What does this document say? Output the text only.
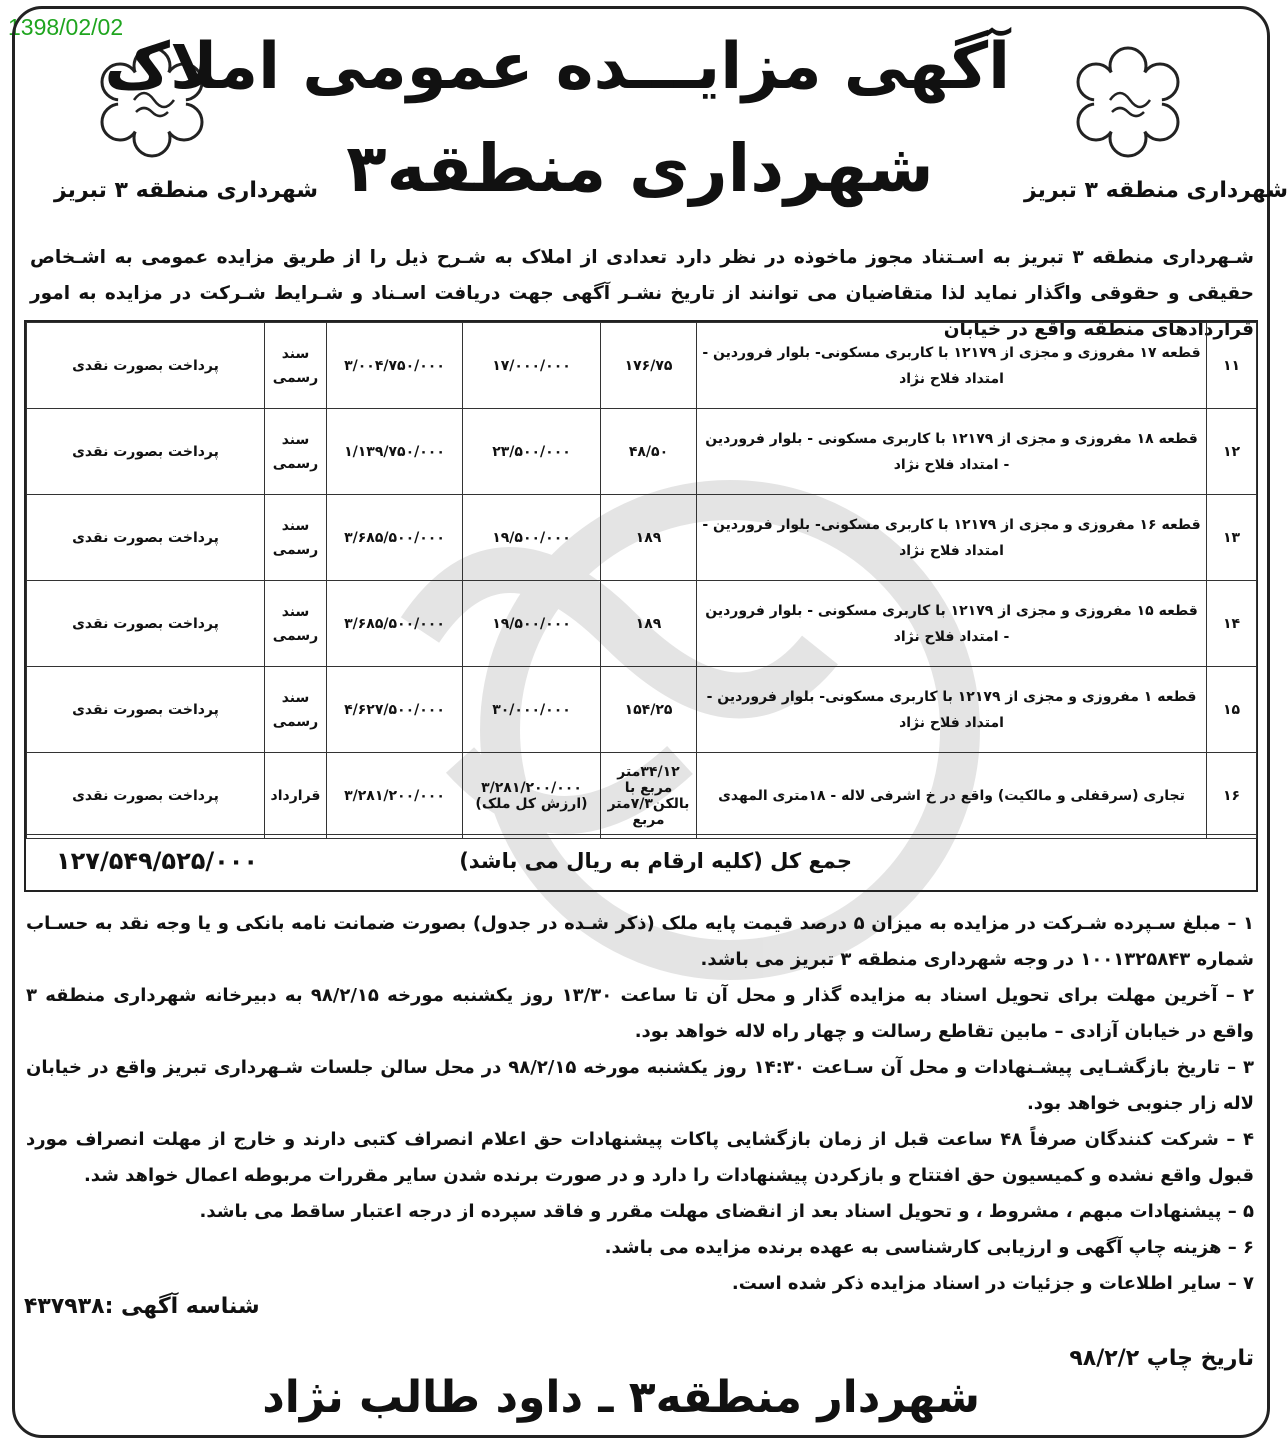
1398/02/02
شهرداری منطقه ۳ تبریز	شهرداری منطقه ۳ تبریز
آگهی مزایـــده عمومی املاک
شهرداری منطقه۳
شـهرداری منطقه ۳ تبریز به اسـتناد مجوز ماخوذه در نظر دارد تعدادی از املاک به شـرح ذیل را از طریق مزایده عمومی به اشـخاص حقیقی و حقوقی واگذار نماید لذا متقاضیان می توانند از تاریخ نشـر آگهی جهت دریافت اسـناد و شـرایط شـرکت در مزایده به امور قراردادهای منطقه واقع در خیابان
۱۱	قطعه ۱۷ مفروزی و مجزی از ۱۲۱۷۹ با کاربری مسکونی- بلوار فروردین - امتداد فلاح نژاد	۱۷۶/۷۵	۱۷/۰۰۰/۰۰۰	۳/۰۰۴/۷۵۰/۰۰۰	سند رسمی	پرداخت بصورت نقدی
۱۲	قطعه ۱۸ مفروزی و مجزی از ۱۲۱۷۹ با کاربری مسکونی - بلوار فروردین - امتداد فلاح نژاد	۴۸/۵۰	۲۳/۵۰۰/۰۰۰	۱/۱۳۹/۷۵۰/۰۰۰	سند رسمی	پرداخت بصورت نقدی
۱۳	قطعه ۱۶ مفروزی و مجزی از ۱۲۱۷۹ با کاربری مسکونی- بلوار فروردین - امتداد فلاح نژاد	۱۸۹	۱۹/۵۰۰/۰۰۰	۳/۶۸۵/۵۰۰/۰۰۰	سند رسمی	پرداخت بصورت نقدی
۱۴	قطعه ۱۵ مفروزی و مجزی از ۱۲۱۷۹ با کاربری مسکونی - بلوار فروردین - امتداد فلاح نژاد	۱۸۹	۱۹/۵۰۰/۰۰۰	۳/۶۸۵/۵۰۰/۰۰۰	سند رسمی	پرداخت بصورت نقدی
۱۵	قطعه ۱ مفروزی و مجزی از ۱۲۱۷۹ با کاربری مسکونی- بلوار فروردین - امتداد فلاح نژاد	۱۵۴/۲۵	۳۰/۰۰۰/۰۰۰	۴/۶۲۷/۵۰۰/۰۰۰	سند رسمی	پرداخت بصورت نقدی
۱۶	تجاری (سرقفلی و مالکیت) واقع در خ اشرفی لاله - ۱۸متری المهدی	۳۴/۱۲متر مربع با بالکن۷/۳متر مربع	۳/۲۸۱/۲۰۰/۰۰۰ (ارزش کل ملک)	۳/۲۸۱/۲۰۰/۰۰۰	قرارداد	پرداخت بصورت نقدی
جمع کل (کلیه ارقام به ریال می باشد)
۱۲۷/۵۴۹/۵۲۵/۰۰۰

۱ – مبلغ سـپرده شـرکت در مزایده به میزان ۵ درصد قیمت پایه ملک (ذکر شـده در جدول) بصورت ضمانت نامه بانکی و یا وجه نقد به حسـاب شماره ۱۰۰۱۳۲۵۸۴۳ در وجه شهرداری منطقه ۳ تبریز می باشد.

۲ – آخرین مهلت برای تحویل اسناد به مزایده گذار و محل آن تا ساعت ۱۳/۳۰ روز یکشنبه مورخه ۹۸/۲/۱۵ به دبیرخانه شهرداری منطقه ۳ واقع در خیابان آزادی – مابین تقاطع رسالت و چهار راه لاله خواهد بود.

۳ – تاریخ بازگشـایی پیشـنهادات و محل آن سـاعت ۱۴:۳۰ روز یکشنبه مورخه ۹۸/۲/۱۵ در محل سالن جلسات شـهرداری تبریز واقع در خیابان لاله زار جنوبی خواهد بود.

۴ – شرکت کنندگان صرفاً ۴۸ ساعت قبل از زمان بازگشایی پاکات پیشنهادات حق اعلام انصراف کتبی دارند و خارج از مهلت انصراف مورد قبول واقع نشده و کمیسیون حق افتتاح و بازکردن پیشنهادات را دارد و در صورت برنده شدن سایر مقررات مربوطه اعمال خواهد شد.

۵ – پیشنهادات مبهم ، مشروط ، و تحویل اسناد بعد از انقضای مهلت مقرر و فاقد سپرده از درجه اعتبار ساقط می باشد.

۶ – هزینه چاپ آگهی و ارزیابی کارشناسی به عهده برنده مزایده می باشد.

۷ – سایر اطلاعات و جزئیات در اسناد مزایده ذکر شده است.

شناسه آگهی :۴۳۷۹۳۸
تاریخ چاپ ۹۸/۲/۲
شهردار منطقه۳ ـ داود طالب نژاد
